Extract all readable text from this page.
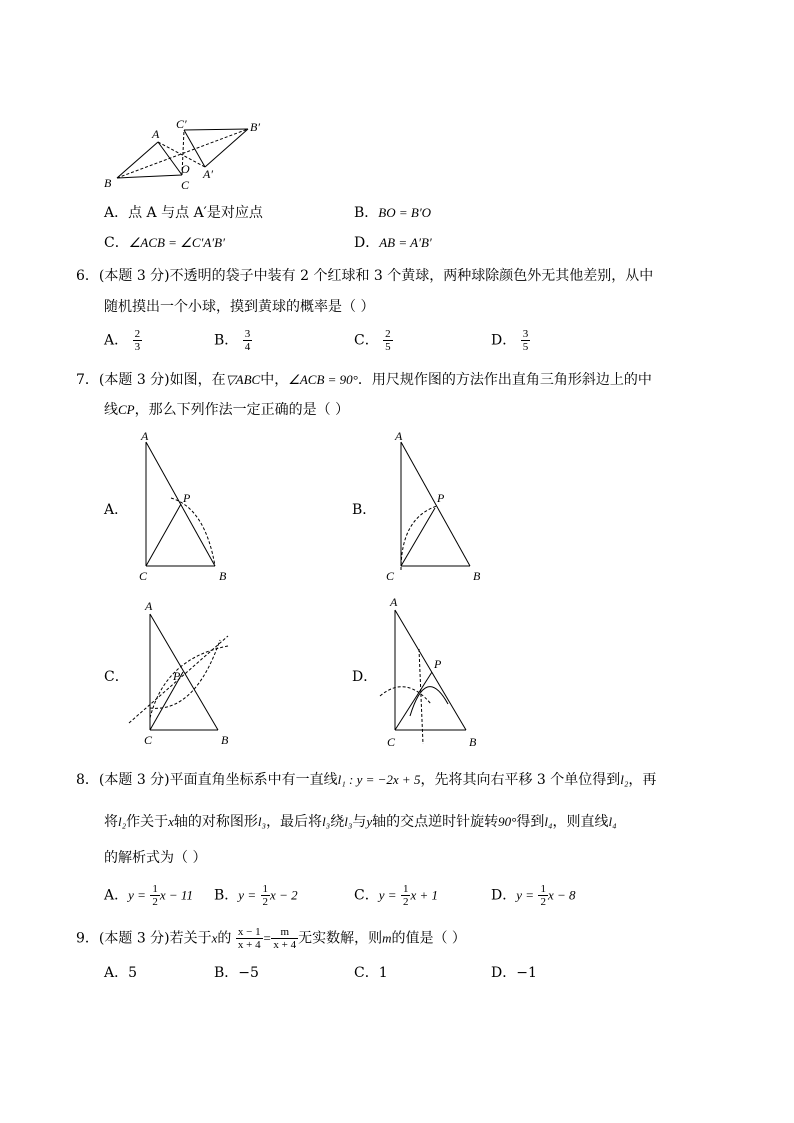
A
B	C
O
C′	B′
A′
A．点 A 与点 A′是对应点	B．BO = B′O
C．∠ACB = ∠C′A′B′	D．AB = A′B′
6．(本题 3 分)不透明的袋子中装有 2 个红球和 3 个黄球，两种球除颜色外无其他差别，从中
随机摸出一个小球，摸到黄球的概率是（ ）
A． $\frac{2}{3}$	B． $\frac{3}{4}$	C． $\frac{2}{5}$	D． $\frac{3}{5}$
7．(本题 3 分)如图，在▽ABC中，∠ACB = 90°．用尺规作图的方法作出直角三角形斜边上的中
线CP，那么下列作法一定正确的是（ ）
A．	B．
C．	D．
A
C	B
P
A
C	B
P
A
C	B
P
A
C	B
P
8．(本题 3 分)平面直角坐标系中有一直线l₁ : y = −2x + 5，先将其向右平移 3 个单位得到l₂，再
将l₂作关于x轴的对称图形l₃，最后将l₃绕l₃与y轴的交点逆时针旋转90°得到l₄，则直线l₄
的解析式为（ ）
A．$y = \frac{1}{2}$ x − 11 B．$y = \frac{1}{2}$ x − 2	C．$y = \frac{1}{2}$ x + 1	D．$y = \frac{1}{2}$ x − 8
9．(本题 3 分)若关于x的 $\frac{x - 1}{x + 4} = \frac{m}{x + 4}$ 无实数解，则m的值是（ ）
A．5	B．−5	C．1	D．−1
